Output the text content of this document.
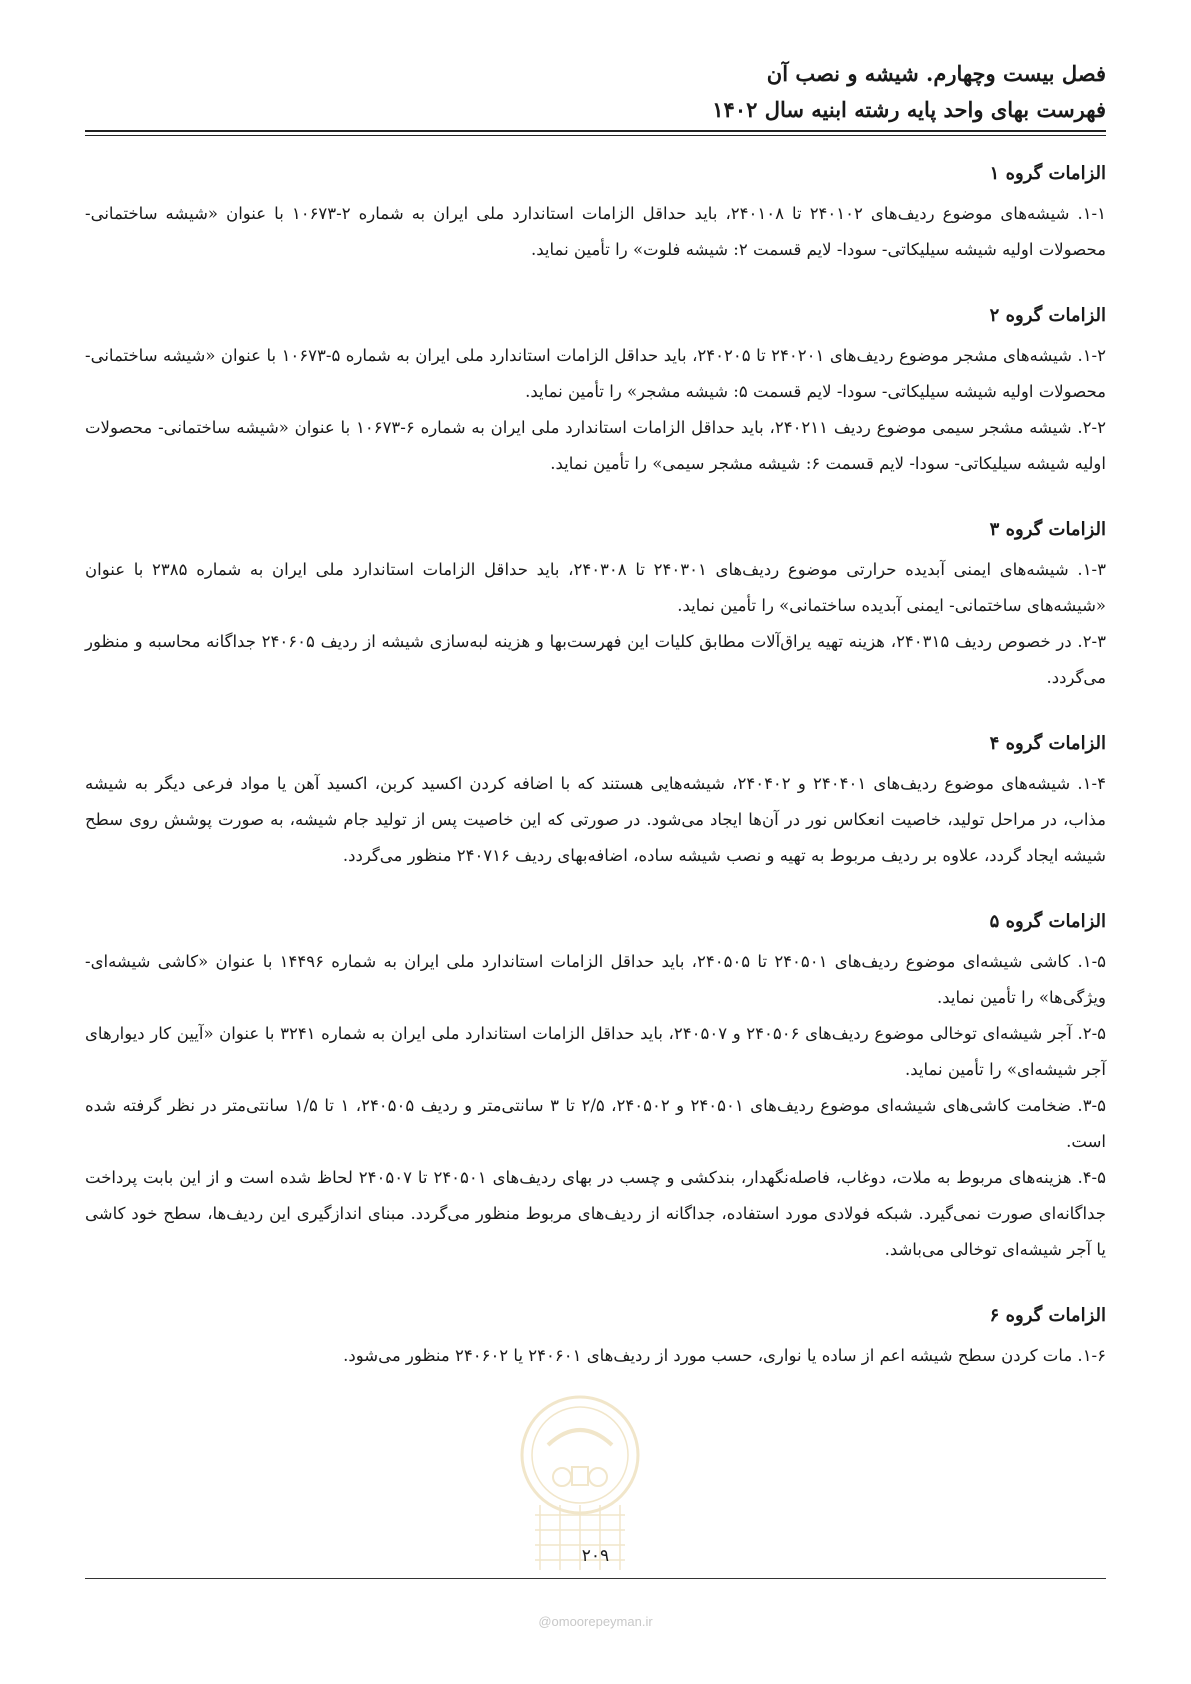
فصل بیست وچهارم. شیشه و نصب آن

فهرست بهای واحد پایه رشته ابنیه سال ۱۴۰۲

الزامات گروه ۱

۱-۱. شیشه‌های موضوع ردیف‌های ۲۴۰۱۰۲ تا ۲۴۰۱۰۸، باید حداقل الزامات استاندارد ملی ایران به شماره ۲-۱۰۶۷۳ با عنوان «شیشه ساختمانی- محصولات اولیه شیشه سیلیکاتی- سودا- لایم قسمت ۲: شیشه فلوت» را تأمین نماید.

الزامات گروه ۲

۱-۲. شیشه‌های مشجر موضوع ردیف‌های ۲۴۰۲۰۱ تا ۲۴۰۲۰۵، باید حداقل الزامات استاندارد ملی ایران به شماره ۵-۱۰۶۷۳ با عنوان «شیشه ساختمانی- محصولات اولیه شیشه سیلیکاتی- سودا- لایم قسمت ۵: شیشه مشجر» را تأمین نماید.

۲-۲. شیشه مشجر سیمی موضوع ردیف ۲۴۰۲۱۱، باید حداقل الزامات استاندارد ملی ایران به شماره ۶-۱۰۶۷۳ با عنوان «شیشه ساختمانی- محصولات اولیه شیشه سیلیکاتی- سودا- لایم قسمت ۶: شیشه مشجر سیمی» را تأمین نماید.

الزامات گروه ۳

۱-۳. شیشه‌های ایمنی آبدیده حرارتی موضوع ردیف‌های ۲۴۰۳۰۱ تا ۲۴۰۳۰۸، باید حداقل الزامات استاندارد ملی ایران به شماره ۲۳۸۵ با عنوان «شیشه‌های ساختمانی- ایمنی آبدیده ساختمانی» را تأمین نماید.

۲-۳. در خصوص ردیف ۲۴۰۳۱۵، هزینه تهیه یراق‌آلات مطابق کلیات این فهرست‌بها و هزینه لبه‌سازی شیشه از ردیف ۲۴۰۶۰۵ جداگانه محاسبه و منظور می‌گردد.

الزامات گروه ۴

۱-۴. شیشه‌های موضوع ردیف‌های ۲۴۰۴۰۱ و ۲۴۰۴۰۲، شیشه‌هایی هستند که با اضافه کردن اکسید کربن، اکسید آهن یا مواد فرعی دیگر به شیشه مذاب، در مراحل تولید، خاصیت انعکاس نور در آن‌ها ایجاد می‌شود. در صورتی که این خاصیت پس از تولید جام شیشه، به صورت پوشش روی سطح شیشه ایجاد گردد، علاوه بر ردیف مربوط به تهیه و نصب شیشه ساده، اضافه‌بهای ردیف ۲۴۰۷۱۶ منظور می‌گردد.

الزامات گروه ۵

۱-۵. کاشی شیشه‌ای موضوع ردیف‌های ۲۴۰۵۰۱ تا ۲۴۰۵۰۵، باید حداقل الزامات استاندارد ملی ایران به شماره ۱۴۴۹۶ با عنوان «کاشی شیشه‌ای- ویژگی‌ها» را تأمین نماید.

۲-۵. آجر شیشه‌ای توخالی موضوع ردیف‌های ۲۴۰۵۰۶ و ۲۴۰۵۰۷، باید حداقل الزامات استاندارد ملی ایران به شماره ۳۲۴۱ با عنوان «آیین کار دیوارهای آجر شیشه‌ای» را تأمین نماید.

۳-۵. ضخامت کاشی‌های شیشه‌ای موضوع ردیف‌های ۲۴۰۵۰۱ و ۲۴۰۵۰۲، ۲/۵ تا ۳ سانتی‌متر و ردیف ۲۴۰۵۰۵، ۱ تا ۱/۵ سانتی‌متر در نظر گرفته شده است.

۴-۵. هزینه‌های مربوط به ملات، دوغاب، فاصله‌نگهدار، بندکشی و چسب در بهای ردیف‌های ۲۴۰۵۰۱ تا ۲۴۰۵۰۷ لحاظ شده است و از این بابت پرداخت جداگانه‌ای صورت نمی‌گیرد. شبکه فولادی مورد استفاده، جداگانه از ردیف‌های مربوط منظور می‌گردد. مبنای اندازگیری این ردیف‌ها، سطح خود کاشی یا آجر شیشه‌ای توخالی می‌باشد.

الزامات گروه ۶

۱-۶. مات کردن سطح شیشه اعم از ساده یا نواری، حسب مورد از ردیف‌های ۲۴۰۶۰۱ یا ۲۴۰۶۰۲ منظور می‌شود.

۲۰۹
@omoorepeyman.ir
